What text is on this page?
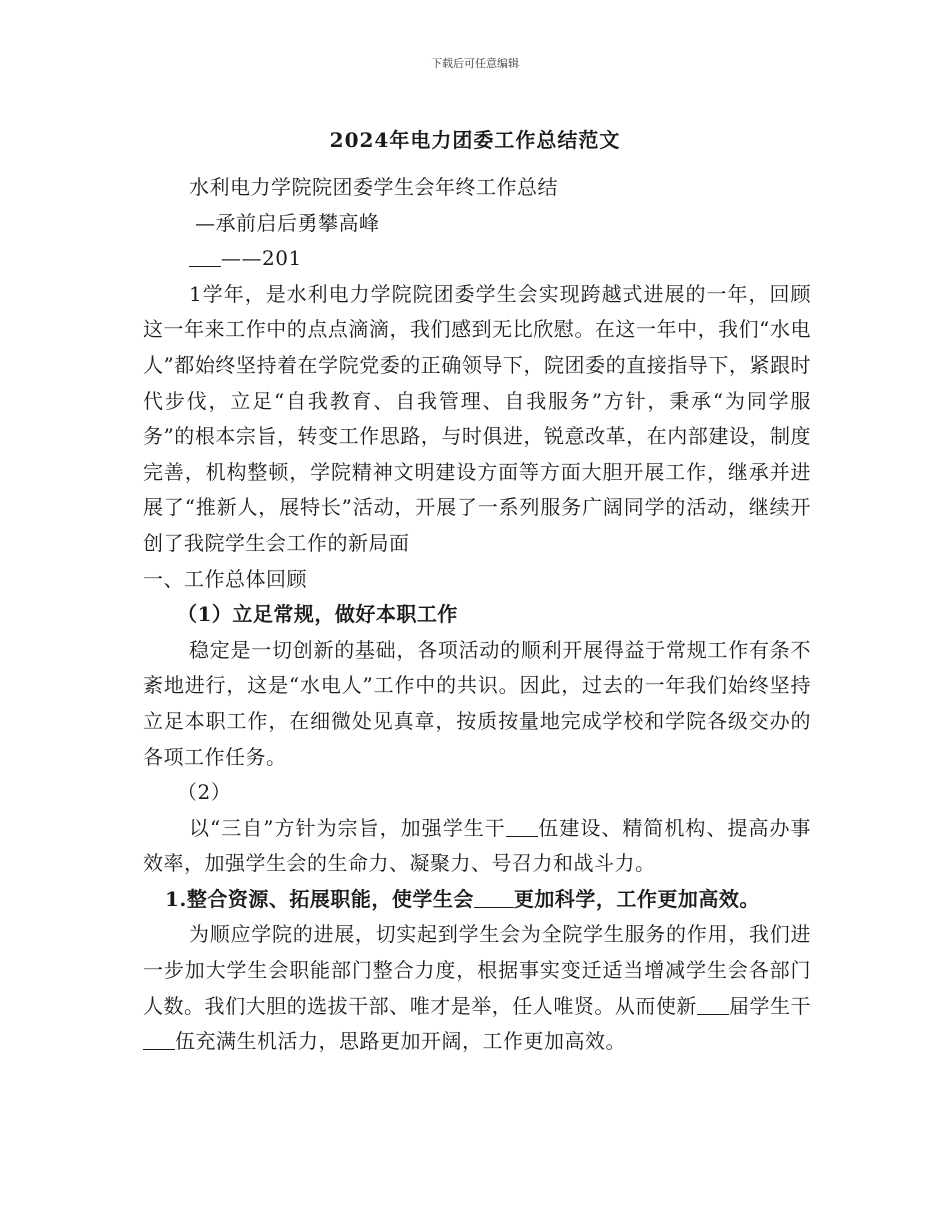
下载后可任意编辑
2024年电力团委工作总结范文
水利电力学院院团委学生会年终工作总结
—承前启后勇攀高峰
——201
1学年，是水利电力学院院团委学生会实现跨越式进展的一年，回顾这一年来工作中的点点滴滴，我们感到无比欣慰。在这一年中，我们“水电人”都始终坚持着在学院党委的正确领导下，院团委的直接指导下，紧跟时代步伐，立足“自我教育、自我管理、自我服务”方针，秉承“为同学服务”的根本宗旨，转变工作思路，与时俱进，锐意改革，在内部建设，制度完善，机构整顿，学院精神文明建设方面等方面大胆开展工作，继承并进展了“推新人，展特长”活动，开展了一系列服务广阔同学的活动，继续开创了我院学生会工作的新局面
一、工作总体回顾
（1）立足常规，做好本职工作
稳定是一切创新的基础，各项活动的顺利开展得益于常规工作有条不紊地进行，这是“水电人”工作中的共识。因此，过去的一年我们始终坚持立足本职工作，在细微处见真章，按质按量地完成学校和学院各级交办的各项工作任务。
（2）
以“三自”方针为宗旨，加强学生干 伍建设、精简机构、提高办事效率，加强学生会的生命力、凝聚力、号召力和战斗力。
1.整合资源、拓展职能，使学生会 更加科学，工作更加高效。
为顺应学院的进展，切实起到学生会为全院学生服务的作用，我们进一步加大学生会职能部门整合力度，根据事实变迁适当增减学生会各部门人数。我们大胆的选拔干部、唯才是举，任人唯贤。从而使新 届学生干伍充满生机活力，思路更加开阔，工作更加高效。
